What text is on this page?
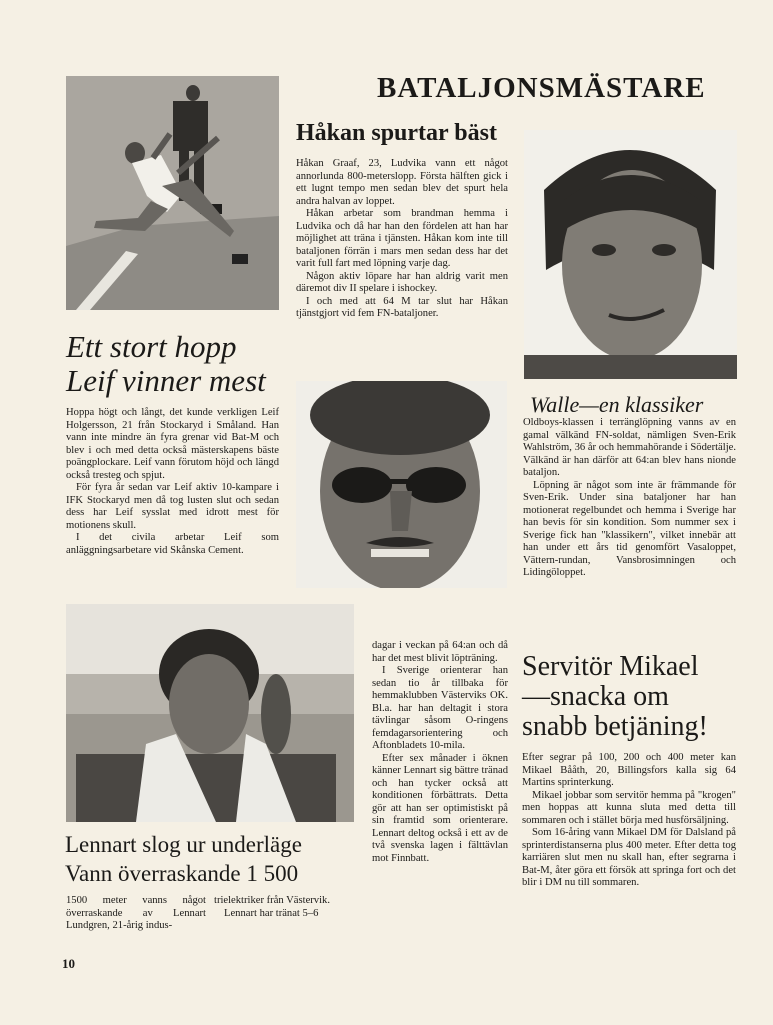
BATALJONSMÄSTARE
Ett stort hopp
Leif vinner mest

Hoppa högt och långt, det kunde verkligen Leif Holgersson, 21 från Stockaryd i Småland. Han vann inte mindre än fyra grenar vid Bat-M och blev i och med detta också mästerskapens bäste poängplockare. Leif vann förutom höjd och längd också tresteg och spjut.

För fyra år sedan var Leif aktiv 10-kampare i IFK Stockaryd men då tog lusten slut och sedan dess har Leif sysslat med idrott mest för motionens skull.

I det civila arbetar Leif som anläggningsarbetare vid Skånska Cement.

Håkan spurtar bäst

Håkan Graaf, 23, Ludvika vann ett något annorlunda 800-meterslopp. Första hälften gick i ett lugnt tempo men sedan blev det spurt hela andra halvan av loppet.

Håkan arbetar som brandman hemma i Ludvika och då har han den fördelen att han har möjlighet att träna i tjänsten. Håkan kom inte till bataljonen förrän i mars men sedan dess har det varit full fart med löpning varje dag.

Någon aktiv löpare har han aldrig varit men däremot div II spelare i ishockey.

I och med att 64 M tar slut har Håkan tjänstgjort vid fem FN-bataljoner.

Walle—en klassiker

Oldboys-klassen i terränglöpning vanns av en gamal välkänd FN-soldat, nämligen Sven-Erik Wahlström, 36 år och hemmahörande i Södertälje. Välkänd är han därför att 64:an blev hans nionde bataljon.

Löpning är något som inte är främmande för Sven-Erik. Under sina bataljoner har han motionerat regelbundet och hemma i Sverige har han bevis för sin kondition. Som nummer sex i Sverige fick han "klassikern", vilket innebär att han under ett års tid genomfört Vasaloppet, Vättern-rundan, Vansbrosimningen och Lidingöloppet.

Lennart slog ur underläge
Vann överraskande 1 500

1500 meter vanns något överraskande av Lennart Lundgren, 21-årig indus-

trielektriker från Västervik.

Lennart har tränat 5–6

dagar i veckan på 64:an och då har det mest blivit löpträning.

I Sverige orienterar han sedan tio år tillbaka för hemmaklubben Västerviks OK. Bl.a. har han deltagit i stora tävlingar såsom O-ringens femdagarsorientering och Aftonbladets 10-mila.

Efter sex månader i öknen känner Lennart sig bättre tränad och han tycker också att konditionen förbättrats. Detta gör att han ser optimistiskt på sin framtid som orienterare. Lennart deltog också i ett av de två svenska lagen i fälttävlan mot Finnbatt.

Servitör Mikael
—snacka om
snabb betjäning!

Efter segrar på 100, 200 och 400 meter kan Mikael Bååth, 20, Billingsfors kalla sig 64 Martins sprinterkung.

Mikael jobbar som servitör hemma på "krogen" men hoppas att kunna sluta med detta till sommaren och i stället börja med husförsäljning.

Som 16-åring vann Mikael DM för Dalsland på sprinterdistanserna plus 400 meter. Efter detta tog karriären slut men nu skall han, efter segrarna i Bat-M, åter göra ett försök att springa fort och det blir i DM nu till sommaren.

10
